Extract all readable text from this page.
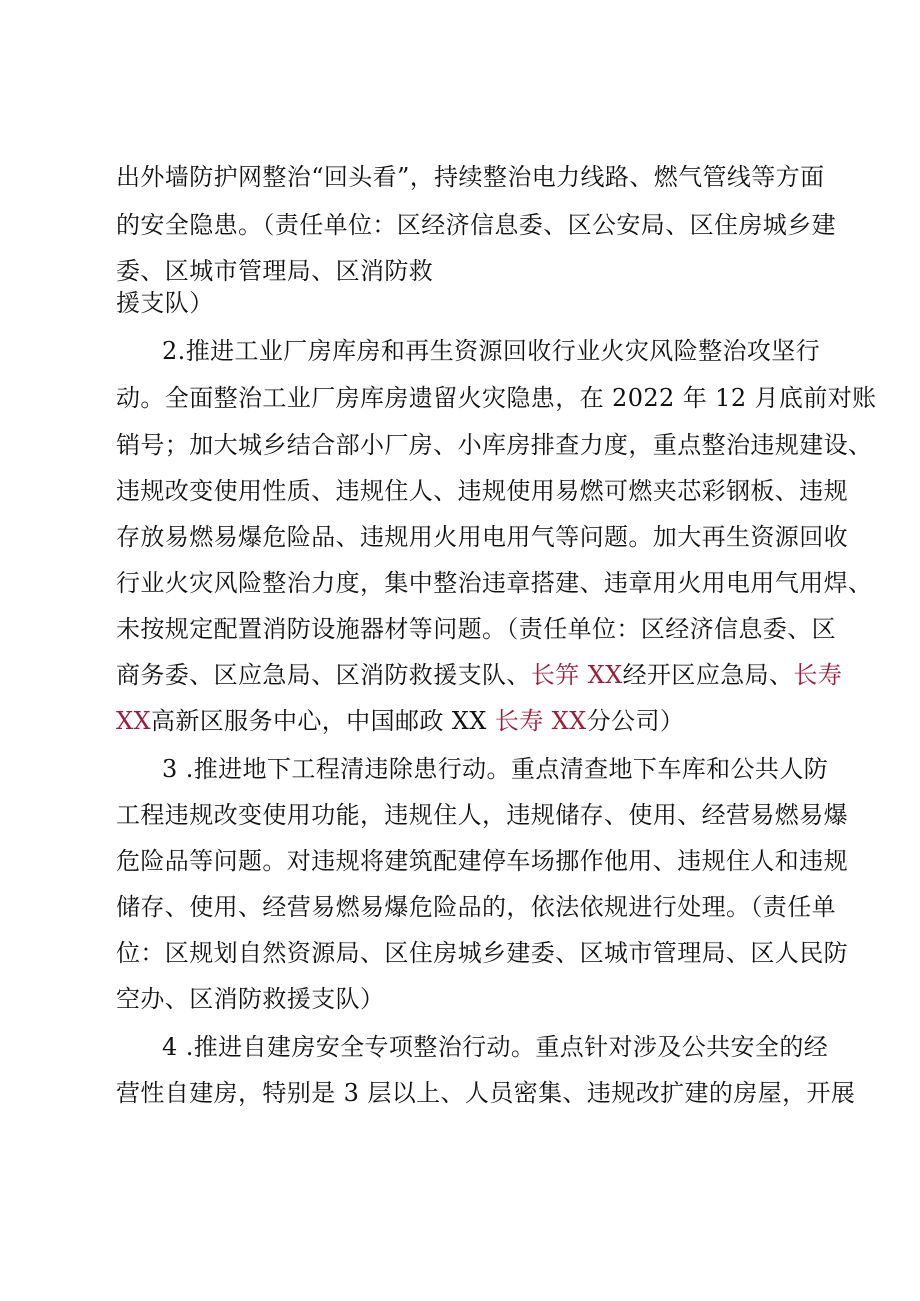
出外墙防护网整治“回头看”，持续整治电力线路、燃气管线等方面
的安全隐患。（责任单位：区经济信息委、区公安局、区住房城乡建
委、区城市管理局、区消防救
援支队）
2.推进工业厂房库房和再生资源回收行业火灾风险整治攻坚行
动。全面整治工业厂房库房遗留火灾隐患，在 2022 年 12 月底前对账
销号；加大城乡结合部小厂房、小库房排查力度，重点整治违规建设、
违规改变使用性质、违规住人、违规使用易燃可燃夹芯彩钢板、违规
存放易燃易爆危险品、违规用火用电用气等问题。加大再生资源回收
行业火灾风险整治力度，集中整治违章搭建、违章用火用电用气用焊、
未按规定配置消防设施器材等问题。（责任单位：区经济信息委、区
商务委、区应急局、区消防救援支队、长笄 XX经开区应急局、长寿
XX高新区服务中心，中国邮政 XX 长寿 XX分公司）
3 .推进地下工程清违除患行动。重点清查地下车库和公共人防
工程违规改变使用功能，违规住人，违规储存、使用、经营易燃易爆
危险品等问题。对违规将建筑配建停车场挪作他用、违规住人和违规
储存、使用、经营易燃易爆危险品的，依法依规进行处理。（责任单
位：区规划自然资源局、区住房城乡建委、区城市管理局、区人民防
空办、区消防救援支队）
4 .推进自建房安全专项整治行动。重点针对涉及公共安全的经
营性自建房，特别是 3 层以上、人员密集、违规改扩建的房屋，开展
